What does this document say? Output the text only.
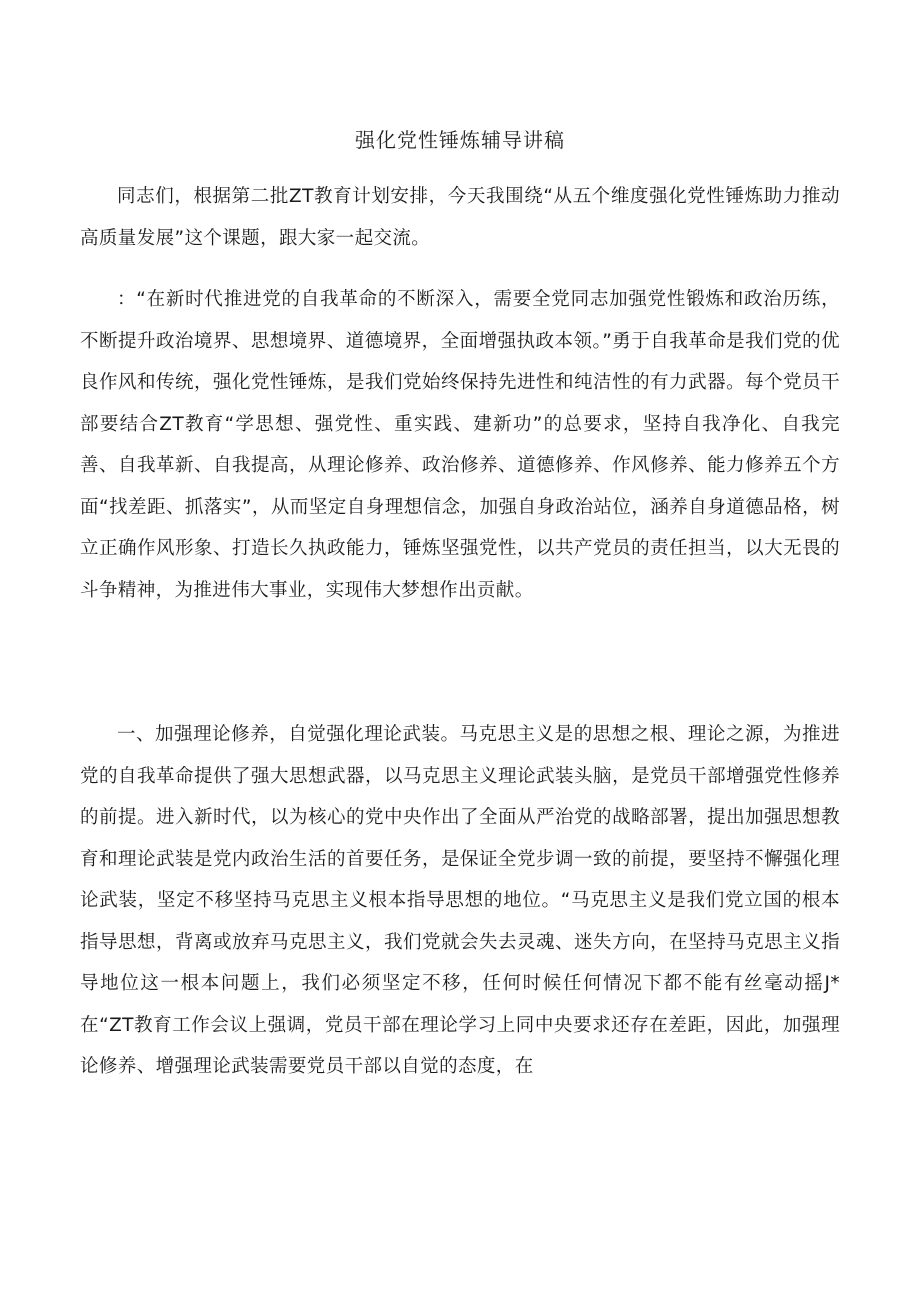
强化党性锤炼辅导讲稿

同志们，根据第二批ZT教育计划安排，今天我围绕“从五个维度强化党性锤炼助力推动高质量发展”这个课题，跟大家一起交流。

：“在新时代推进党的自我革命的不断深入，需要全党同志加强党性锻炼和政治历练，不断提升政治境界、思想境界、道德境界，全面增强执政本领。”勇于自我革命是我们党的优良作风和传统，强化党性锤炼，是我们党始终保持先进性和纯洁性的有力武器。每个党员干部要结合ZT教育“学思想、强党性、重实践、建新功”的总要求，坚持自我净化、自我完善、自我革新、自我提高，从理论修养、政治修养、道德修养、作风修养、能力修养五个方面“找差距、抓落实”，从而坚定自身理想信念，加强自身政治站位，涵养自身道德品格，树立正确作风形象、打造长久执政能力，锤炼坚强党性，以共产党员的责任担当，以大无畏的斗争精神，为推进伟大事业，实现伟大梦想作出贡献。

一、加强理论修养，自觉强化理论武装。马克思主义是的思想之根、理论之源，为推进党的自我革命提供了强大思想武器，以马克思主义理论武装头脑，是党员干部增强党性修养的前提。进入新时代，以为核心的党中央作出了全面从严治党的战略部署，提出加强思想教育和理论武装是党内政治生活的首要任务，是保证全党步调一致的前提，要坚持不懈强化理论武装，坚定不移坚持马克思主义根本指导思想的地位。“马克思主义是我们党立国的根本指导思想，背离或放弃马克思主义，我们党就会失去灵魂、迷失方向，在坚持马克思主义指导地位这一根本问题上，我们必须坚定不移，任何时候任何情况下都不能有丝毫动摇J*在“ZT教育工作会议上强调，党员干部在理论学习上同中央要求还存在差距，因此，加强理论修养、增强理论武装需要党员干部以自觉的态度，在
